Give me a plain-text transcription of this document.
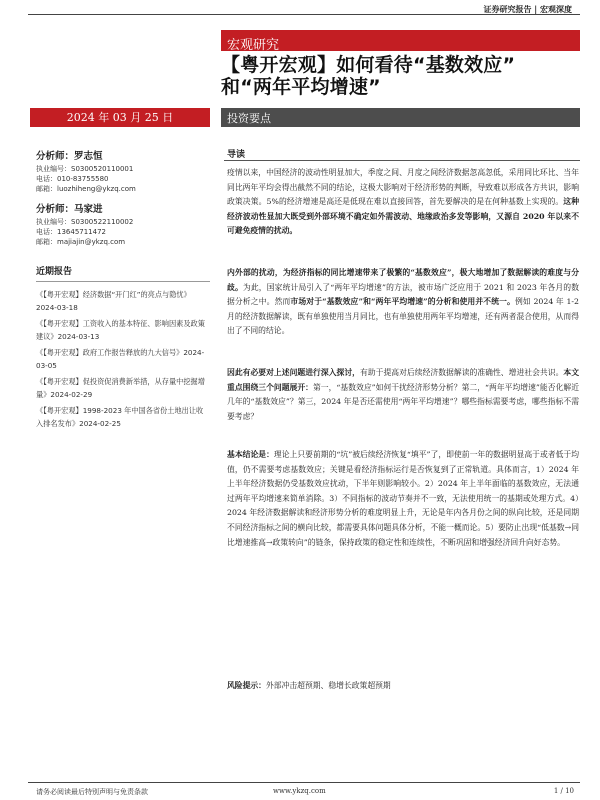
证券研究报告 | 宏观深度
宏观研究
【粤开宏观】如何看待“基数效应”
和“两年平均增速”
2024 年 03 月 25 日	投资要点
分析师：罗志恒
执业编号：S0300520110001
电话：010-83755580
邮箱：luozhiheng@ykzq.com
分析师：马家进
执业编号：S0300522110002
电话：13645711472
邮箱：majiajin@ykzq.com
近期报告
《【粤开宏观】经济数据“开门红”的亮点与隐忧》2024-03-18
《【粤开宏观】工资收入的基本特征、影响因素及政策建议》2024-03-13
《【粤开宏观】政府工作报告释放的九大信号》2024-03-05
《【粤开宏观】促投资促消费新举措，从存量中挖掘增量》2024-02-29
《【粤开宏观】1998-2023 年中国各省份土地出让收入排名发布》2024-02-25
导读

疫情以来，中国经济的波动性明显加大，季度之间、月度之间经济数据忽高忽低，采用同比环比、当年同比两年平均会得出截然不同的结论，这极大影响对于经济形势的判断，导致难以形成各方共识，影响政策决策。5%的经济增速是高还是低现在难以直接回答，首先要解决的是在何种基数上实现的。这种经济波动性显加大既受到外部环境不确定如外需波动、地缘政治多发等影响，又源自 2020 年以来不可避免疫情的扰动。

内外部的扰动，为经济指标的同比增速带来了极繁的“基数效应”，极大地增加了数据解读的难度与分歧。为此，国家统计局引入了“两年平均增速”的方法，被市场广泛应用于 2021 和 2023 年各月的数据分析之中。然而市场对于“基数效应”和“两年平均增速”的分析和使用并不统一。例如 2024 年 1-2 月的经济数据解读，既有单独使用当月同比，也有单独使用两年平均增速，还有两者混合使用，从而得出了不同的结论。

因此有必要对上述问题进行深入探讨，有助于提高对后续经济数据解读的准确性、增进社会共识。本文重点围绕三个问题展开：第一，“基数效应”如何干扰经济形势分析？第二，“两年平均增速”能否化解近几年的“基数效应”？第三，2024 年是否还需使用“两年平均增速”？哪些指标需要考虑，哪些指标不需要考虑？

基本结论是：理论上只要前期的“坑”被后续经济恢复“填平”了，即使前一年的数据明显高于或者低于均值，仍不需要考虑基数效应；关键是看经济指标运行是否恢复到了正常轨道。具体而言，1）2024 年上半年经济数据仍受基数效应扰动，下半年则影响较小。2）2024 年上半年面临的基数效应，无法通过两年平均增速来简单消除。3）不同指标的波动节奏并不一致，无法使用统一的基期或处理方式。4）2024 年经济数据解读和经济形势分析的难度明显上升，无论是年内各月份之间的纵向比较，还是同期不同经济指标之间的横向比较，都需要具体问题具体分析，不能一概而论。5）要防止出现“低基数→同比增速推高→政策转向”的链条，保持政策的稳定性和连续性，不断巩固和增强经济回升向好态势。

风险提示：外部冲击超预期、稳增长政策超预期
请务必阅读最后特别声明与免责条款	www.ykzq.com	1 / 10
